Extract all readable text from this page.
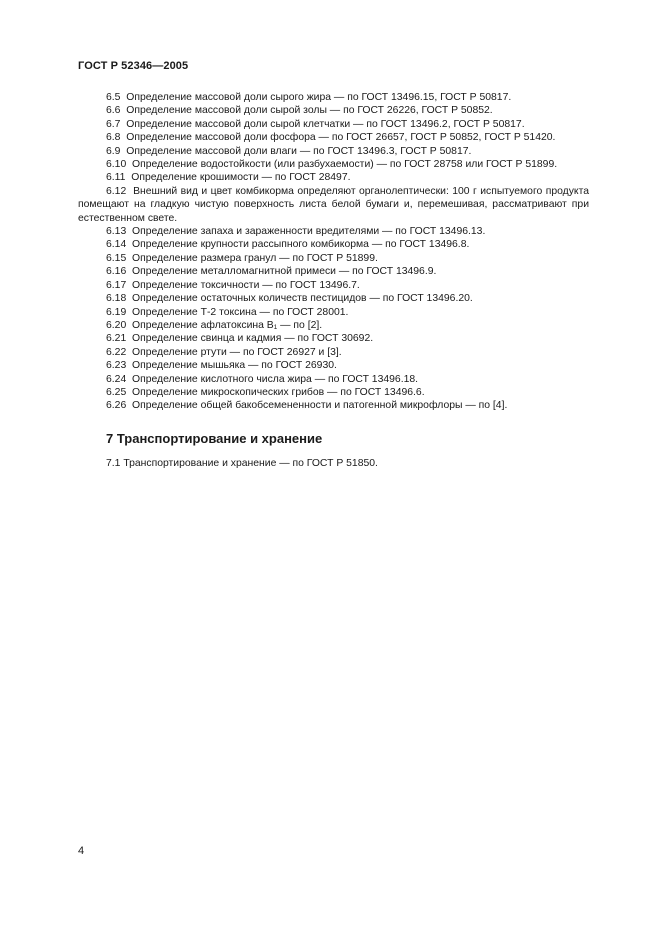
ГОСТ Р 52346—2005

6.5 Определение массовой доли сырого жира — по ГОСТ 13496.15, ГОСТ Р 50817.

6.6 Определение массовой доли сырой золы — по ГОСТ 26226, ГОСТ Р 50852.

6.7 Определение массовой доли сырой клетчатки — по ГОСТ 13496.2, ГОСТ Р 50817.

6.8 Определение массовой доли фосфора — по ГОСТ 26657, ГОСТ Р 50852, ГОСТ Р 51420.

6.9 Определение массовой доли влаги — по ГОСТ 13496.3, ГОСТ Р 50817.

6.10 Определение водостойкости (или разбухаемости) — по ГОСТ 28758 или ГОСТ Р 51899.

6.11 Определение крошимости — по ГОСТ 28497.

6.12 Внешний вид и цвет комбикорма определяют органолептически: 100 г испытуемого продукта помещают на гладкую чистую поверхность листа белой бумаги и, перемешивая, рассматривают при естественном свете.

6.13 Определение запаха и зараженности вредителями — по ГОСТ 13496.13.

6.14 Определение крупности рассыпного комбикорма — по ГОСТ 13496.8.

6.15 Определение размера гранул — по ГОСТ Р 51899.

6.16 Определение металломагнитной примеси — по ГОСТ 13496.9.

6.17 Определение токсичности — по ГОСТ 13496.7.

6.18 Определение остаточных количеств пестицидов — по ГОСТ 13496.20.

6.19 Определение Т-2 токсина — по ГОСТ 28001.

6.20 Определение афлатоксина В₁ — по [2].

6.21 Определение свинца и кадмия — по ГОСТ 30692.

6.22 Определение ртути — по ГОСТ 26927 и [3].

6.23 Определение мышьяка — по ГОСТ 26930.

6.24 Определение кислотного числа жира — по ГОСТ 13496.18.

6.25 Определение микроскопических грибов — по ГОСТ 13496.6.

6.26 Определение общей бакобсемененности и патогенной микрофлоры — по [4].

7 Транспортирование и хранение

7.1 Транспортирование и хранение — по ГОСТ Р 51850.

4
